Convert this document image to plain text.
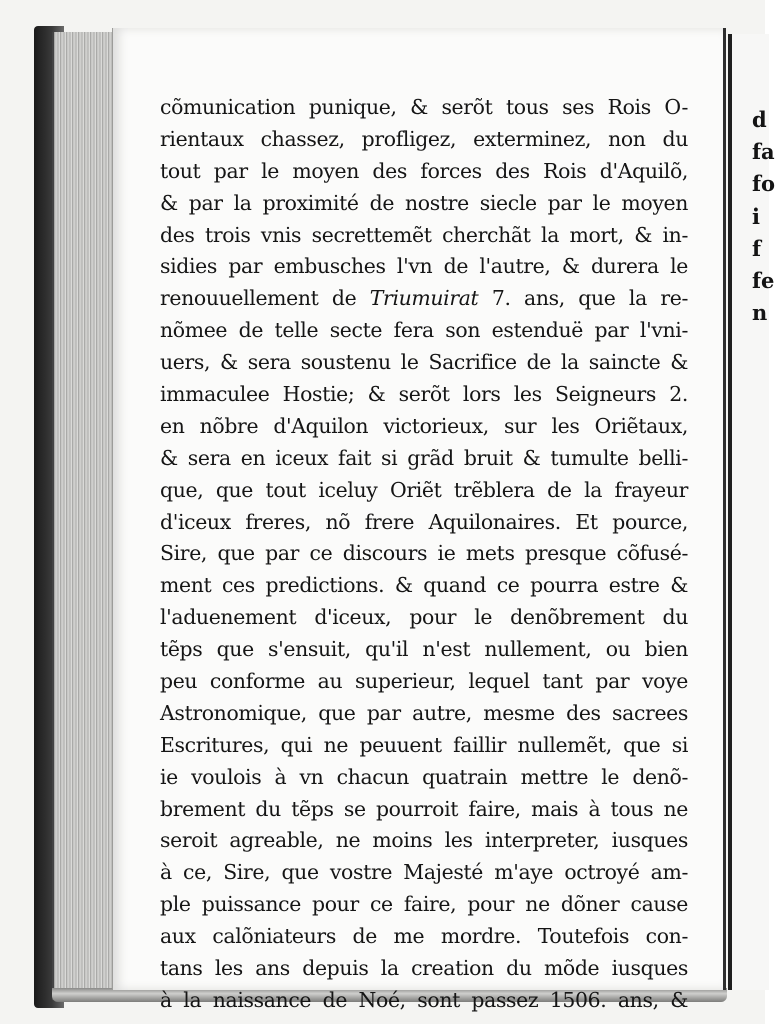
cõmunication punique, & serõt tous ses Rois O-
rientaux chassez, profligez, exterminez, non du
tout par le moyen des forces des Rois d'Aquilõ,
& par la proximité de nostre siecle par le moyen
des trois vnis secrettemẽt cherchãt la mort, & in-
sidies par embusches l'vn de l'autre, & durera le
renouuellement de Triumuirat 7. ans, que la re-
nõmee de telle secte fera son estenduë par l'vni-
uers, & sera soustenu le Sacrifice de la saincte &
immaculee Hostie; & serõt lors les Seigneurs 2.
en nõbre d'Aquilon victorieux, sur les Oriẽtaux,
& sera en iceux fait si grãd bruit & tumulte belli-
que, que tout iceluy Oriẽt trẽblera de la frayeur
d'iceux freres, nõ frere Aquilonaires. Et pource,
Sire, que par ce discours ie mets presque cõfusé-
ment ces predictions. & quand ce pourra estre &
l'aduenement d'iceux, pour le denõbrement du
tẽps que s'ensuit, qu'il n'est nullement, ou bien
peu conforme au superieur, lequel tant par voye
Astronomique, que par autre, mesme des sacrees
Escritures, qui ne peuuent faillir nullemẽt, que si
ie voulois à vn chacun quatrain mettre le denõ-
brement du tẽps se pourroit faire, mais à tous ne
seroit agreable, ne moins les interpreter, iusques
à ce, Sire, que vostre Majesté m'aye octroyé am-
ple puissance pour ce faire, pour ne dõner cause
aux calõniateurs de me mordre. Toutefois con-
tans les ans depuis la creation du mõde iusques
à la naissance de Noé, sont passez 1506. ans, &
d
fa
fo
i
f
fe
n
